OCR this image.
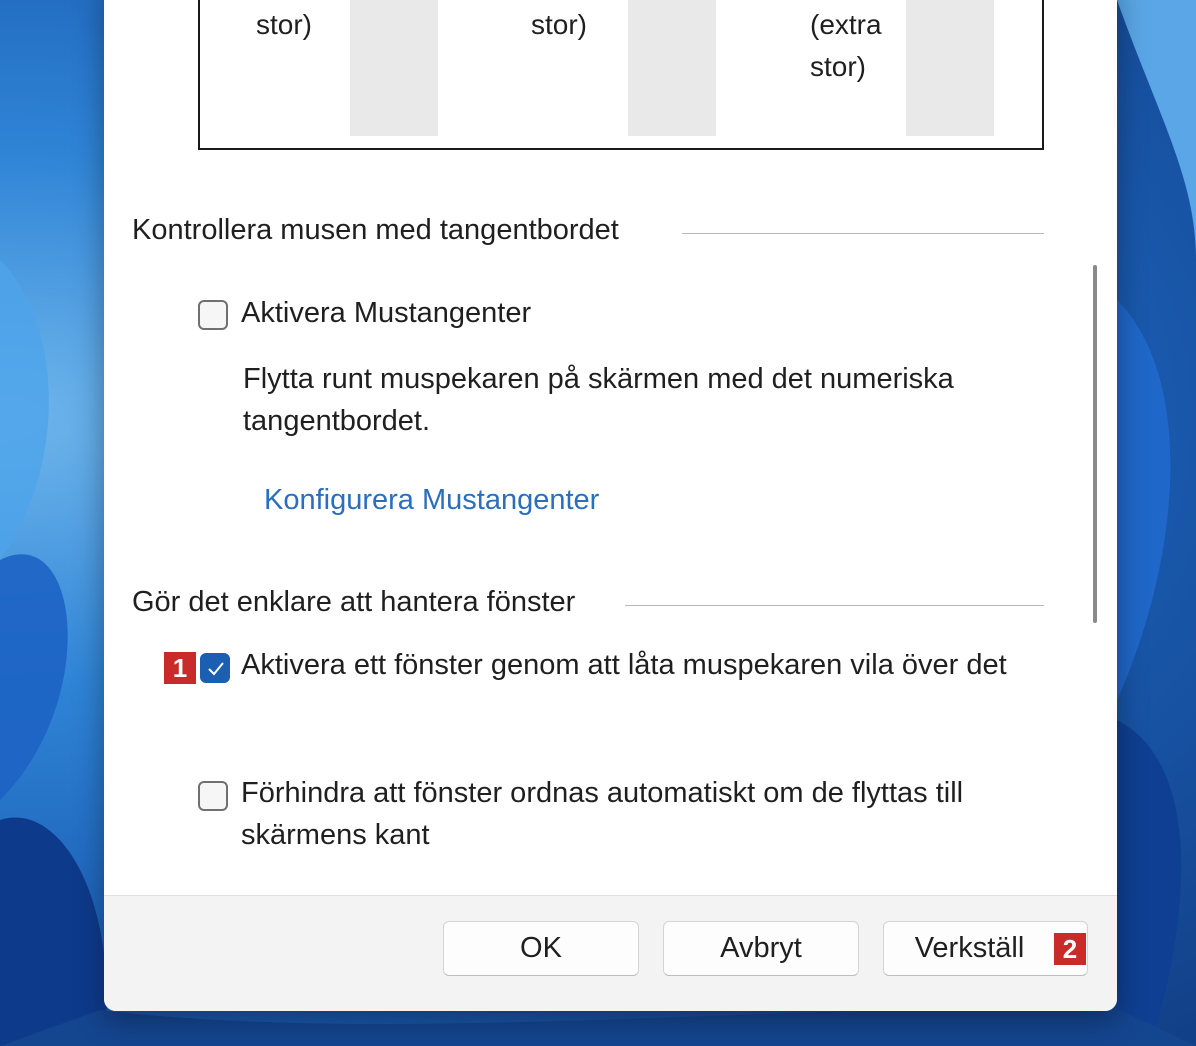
stor)	stor)	(extra
stor)
Kontrollera musen med tangentbordet
Aktivera Mustangenter
Flytta runt muspekaren på skärmen med det numeriska tangentbordet.
Konfigurera Mustangenter
Gör det enklare att hantera fönster
1	Aktivera ett fönster genom att låta muspekaren vila över det
Förhindra att fönster ordnas automatiskt om de flyttas till skärmens kant
OK	Avbryt	Verkställ	2
